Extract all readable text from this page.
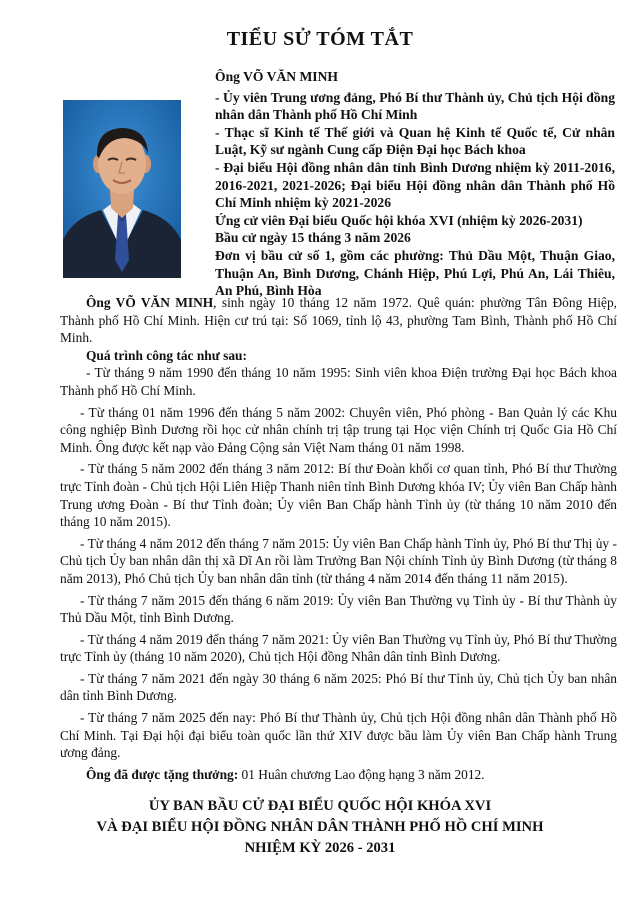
TIỂU SỬ TÓM TẮT

Ông VÕ VĂN MINH

- Ủy viên Trung ương đảng, Phó Bí thư Thành ủy, Chủ tịch Hội đồng nhân dân Thành phố Hồ Chí Minh

- Thạc sĩ Kinh tế Thế giới và Quan hệ Kinh tế Quốc tế, Cử nhân Luật, Kỹ sư ngành Cung cấp Điện Đại học Bách khoa

- Đại biểu Hội đồng nhân dân tỉnh Bình Dương nhiệm kỳ 2011-2016, 2016-2021, 2021-2026; Đại biểu Hội đồng nhân dân Thành phố Hồ Chí Minh nhiệm kỳ 2021-2026

Ứng cử viên Đại biểu Quốc hội khóa XVI (nhiệm kỳ 2026-2031)

Bầu cử ngày 15 tháng 3 năm 2026

Đơn vị bầu cử số 1, gồm các phường: Thủ Dầu Một, Thuận Giao, Thuận An, Bình Dương, Chánh Hiệp, Phú Lợi, Phú An, Lái Thiêu, An Phú, Bình Hòa

Ông VÕ VĂN MINH, sinh ngày 10 tháng 12 năm 1972. Quê quán: phường Tân Đông Hiệp, Thành phố Hồ Chí Minh. Hiện cư trú tại: Số 1069, tỉnh lộ 43, phường Tam Bình, Thành phố Hồ Chí Minh.

Quá trình công tác như sau:

- Từ tháng 9 năm 1990 đến tháng 10 năm 1995: Sinh viên khoa Điện trường Đại học Bách khoa Thành phố Hồ Chí Minh.

- Từ tháng 01 năm 1996 đến tháng 5 năm 2002: Chuyên viên, Phó phòng - Ban Quản lý các Khu công nghiệp Bình Dương rồi học cử nhân chính trị tập trung tại Học viện Chính trị Quốc Gia Hồ Chí Minh. Ông được kết nạp vào Đảng Cộng sản Việt Nam tháng 01 năm 1998.

- Từ tháng 5 năm 2002 đến tháng 3 năm 2012: Bí thư Đoàn khối cơ quan tỉnh, Phó Bí thư Thường trực Tỉnh đoàn - Chủ tịch Hội Liên Hiệp Thanh niên tỉnh Bình Dương khóa IV; Ủy viên Ban Chấp hành Trung ương Đoàn - Bí thư Tỉnh đoàn; Ủy viên Ban Chấp hành Tỉnh ủy (từ tháng 10 năm 2010 đến tháng 10 năm 2015).

- Từ tháng 4 năm 2012 đến tháng 7 năm 2015: Ủy viên Ban Chấp hành Tỉnh ủy, Phó Bí thư Thị ủy - Chủ tịch Ủy ban nhân dân thị xã Dĩ An rồi làm Trưởng Ban Nội chính Tỉnh ủy Bình Dương (từ tháng 8 năm 2013), Phó Chủ tịch Ủy ban nhân dân tỉnh (từ tháng 4 năm 2014 đến tháng 11 năm 2015).

- Từ tháng 7 năm 2015 đến tháng 6 năm 2019: Ủy viên Ban Thường vụ Tỉnh ủy - Bí thư Thành ủy Thủ Dầu Một, tỉnh Bình Dương.

- Từ tháng 4 năm 2019 đến tháng 7 năm 2021: Ủy viên Ban Thường vụ Tỉnh ủy, Phó Bí thư Thường trực Tỉnh ủy (tháng 10 năm 2020), Chủ tịch Hội đồng Nhân dân tỉnh Bình Dương.

- Từ tháng 7 năm 2021 đến ngày 30 tháng 6 năm 2025: Phó Bí thư Tỉnh ủy, Chủ tịch Ủy ban nhân dân tỉnh Bình Dương.

- Từ tháng 7 năm 2025 đến nay: Phó Bí thư Thành ủy, Chủ tịch Hội đồng nhân dân Thành phố Hồ Chí Minh. Tại Đại hội đại biểu toàn quốc lần thứ XIV được bầu làm Ủy viên Ban Chấp hành Trung ương đảng.

Ông đã được tặng thưởng: 01 Huân chương Lao động hạng 3 năm 2012.

ỦY BAN BẦU CỬ ĐẠI BIỂU QUỐC HỘI KHÓA XVI
VÀ ĐẠI BIỂU HỘI ĐỒNG NHÂN DÂN THÀNH PHỐ HỒ CHÍ MINH
NHIỆM KỲ 2026 - 2031
